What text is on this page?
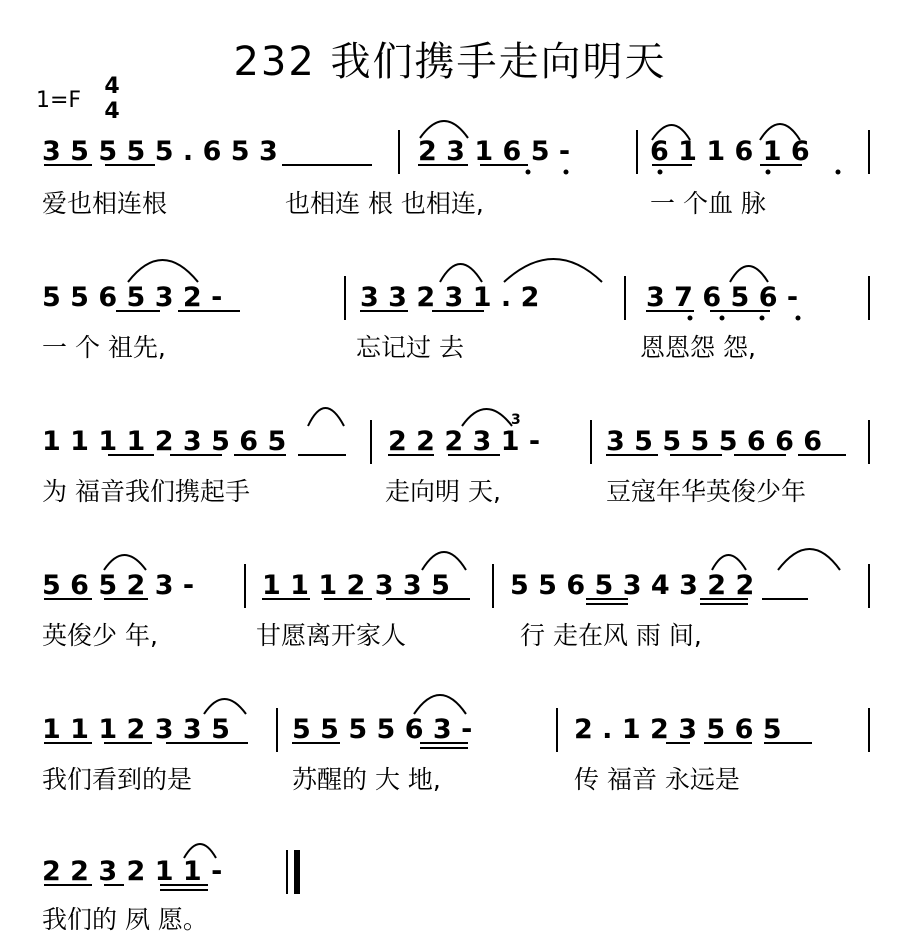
232 我们携手走向明天
1=F
4
4
3 5 5 5 5 . 6 5 3	2 3 1 6 5 -	6 1 1 6 1 6
爱也相连根	也相连 根 也相连,	一 个血 脉
5 5 6 5 3 2 -	3 3 2 3 1 . 2	3 7 6 5 6 -
一 个 祖先,	忘记过 去	恩恩怨 怨,
1 1 1 1 2 3 5 6 5	2 2 2 3 1 - 3 5 5 5 5 6 6 6
为 福音我们携起手	走向明 天,	豆寇年华英俊少年
3
5 6 5 2 3 -	1 1 1 2 3 3 5 5 5 6 5 3 4 3 2 2
英俊少 年,	甘愿离开家人	行 走在风 雨 间,
1 1 1 2 3 3 5 5 5 5 5 6 3 -	2 . 1 2 3 5 6 5
我们看到的是	苏醒的 大 地,	传 福音 永远是
2 2 3 2 1 1 -
我们的 夙 愿。
